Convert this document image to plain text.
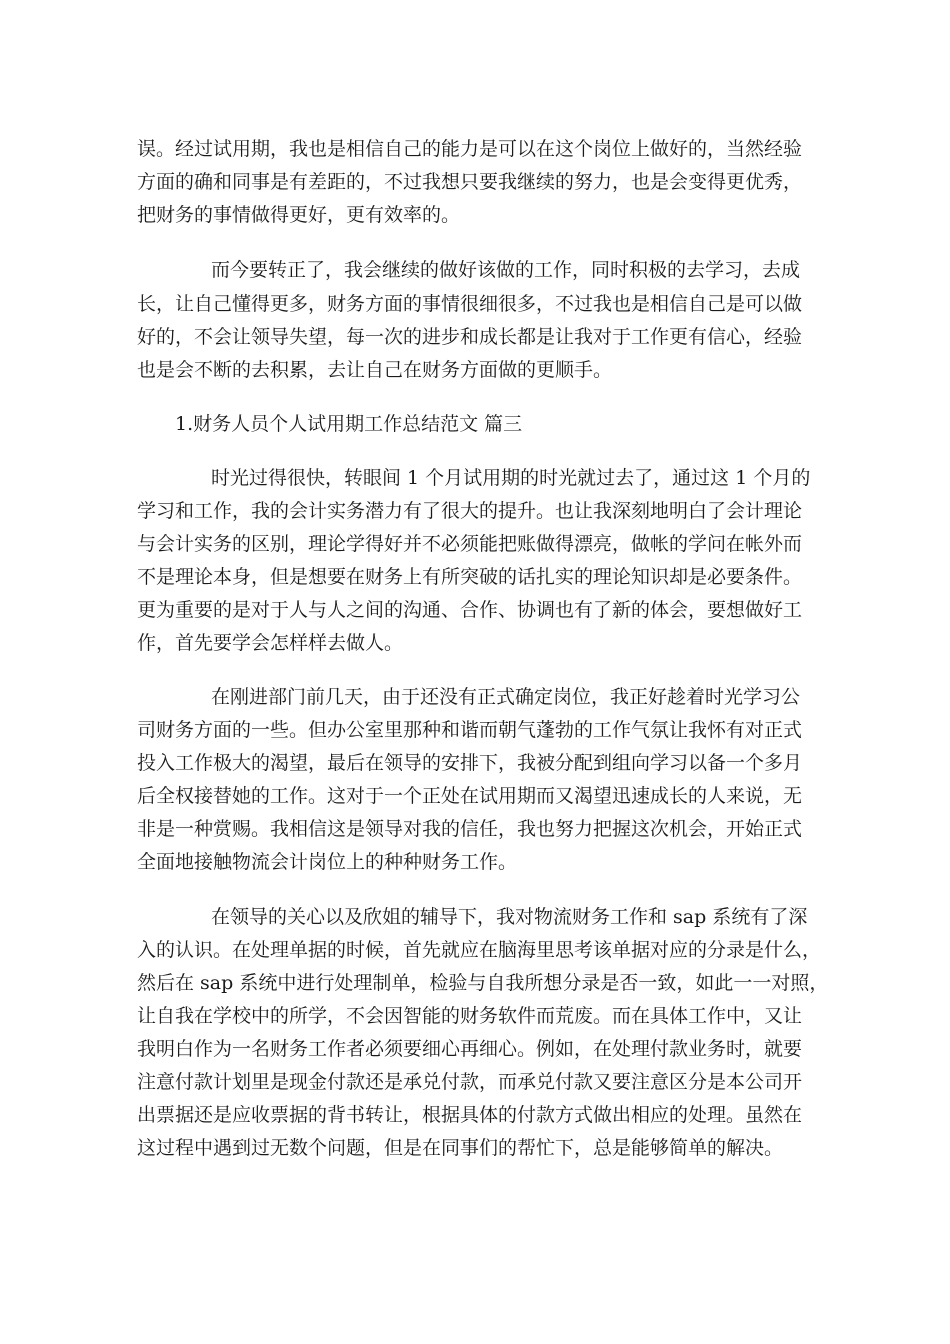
误。经过试用期，我也是相信自己的能力是可以在这个岗位上做好的，当然经验
方面的确和同事是有差距的，不过我想只要我继续的努力，也是会变得更优秀，
把财务的事情做得更好，更有效率的。
而今要转正了，我会继续的做好该做的工作，同时积极的去学习，去成
长，让自己懂得更多，财务方面的事情很细很多，不过我也是相信自己是可以做
好的，不会让领导失望，每一次的进步和成长都是让我对于工作更有信心，经验
也是会不断的去积累，去让自己在财务方面做的更顺手。
1.财务人员个人试用期工作总结范文 篇三
时光过得很快，转眼间 1 个月试用期的时光就过去了，通过这 1 个月的
学习和工作，我的会计实务潜力有了很大的提升。也让我深刻地明白了会计理论
与会计实务的区别，理论学得好并不必须能把账做得漂亮，做帐的学问在帐外而
不是理论本身，但是想要在财务上有所突破的话扎实的理论知识却是必要条件。
更为重要的是对于人与人之间的沟通、合作、协调也有了新的体会，要想做好工
作，首先要学会怎样样去做人。
在刚进部门前几天，由于还没有正式确定岗位，我正好趁着时光学习公
司财务方面的一些。但办公室里那种和谐而朝气蓬勃的工作气氛让我怀有对正式
投入工作极大的渴望，最后在领导的安排下，我被分配到组向学习以备一个多月
后全权接替她的工作。这对于一个正处在试用期而又渴望迅速成长的人来说，无
非是一种赏赐。我相信这是领导对我的信任，我也努力把握这次机会，开始正式
全面地接触物流会计岗位上的种种财务工作。
在领导的关心以及欣姐的辅导下，我对物流财务工作和 sap 系统有了深
入的认识。在处理单据的时候，首先就应在脑海里思考该单据对应的分录是什么，
然后在 sap 系统中进行处理制单，检验与自我所想分录是否一致，如此一一对照，
让自我在学校中的所学，不会因智能的财务软件而荒废。而在具体工作中，又让
我明白作为一名财务工作者必须要细心再细心。例如，在处理付款业务时，就要
注意付款计划里是现金付款还是承兑付款，而承兑付款又要注意区分是本公司开
出票据还是应收票据的背书转让，根据具体的付款方式做出相应的处理。虽然在
这过程中遇到过无数个问题，但是在同事们的帮忙下，总是能够简单的解决。
